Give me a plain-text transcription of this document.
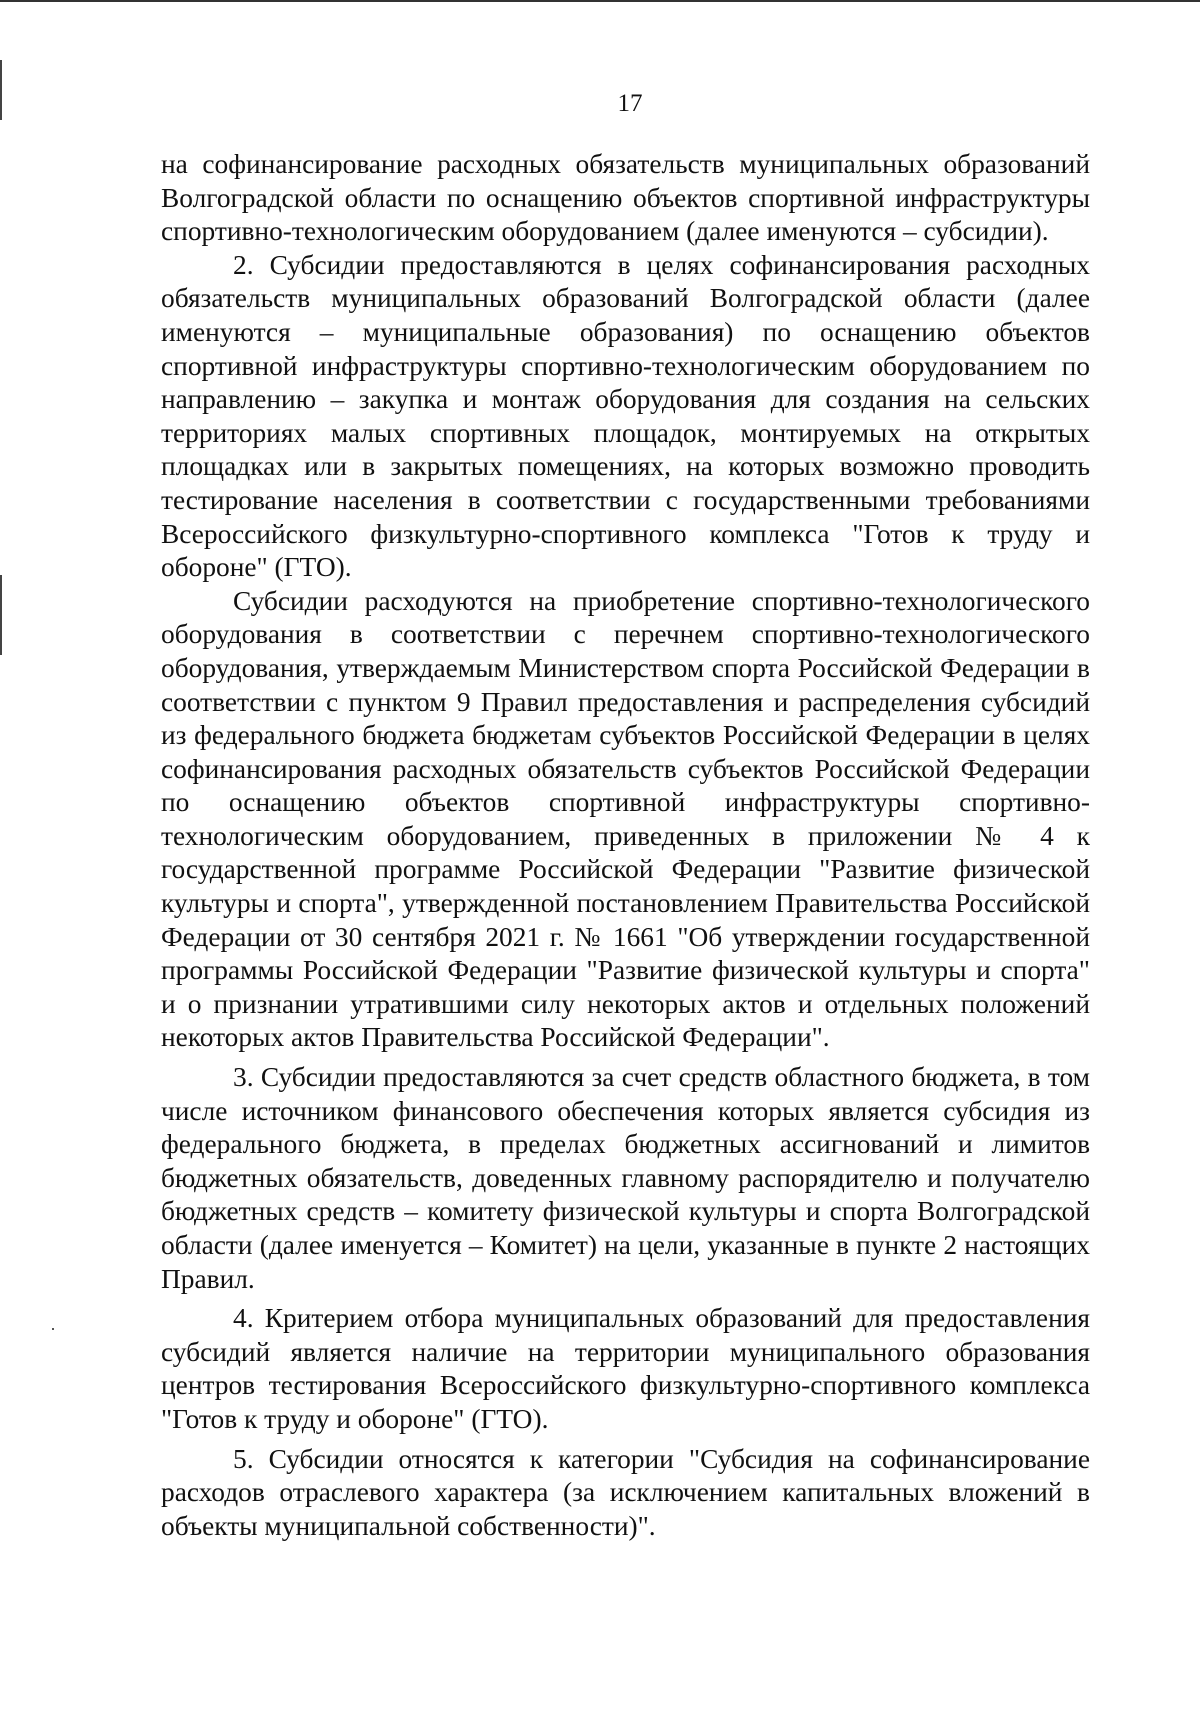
17

на софинансирование расходных обязательств муниципальных образований Волгоградской области по оснащению объектов спортивной инфраструктуры спортивно-технологическим оборудованием (далее именуются – субсидии).

2. Субсидии предоставляются в целях софинансирования расходных обязательств муниципальных образований Волгоградской области (далее именуются – муниципальные образования) по оснащению объектов спортивной инфраструктуры спортивно-технологическим оборудованием по направлению – закупка и монтаж оборудования для создания на сельских территориях малых спортивных площадок, монтируемых на открытых площадках или в закрытых помещениях, на которых возможно проводить тестирование населения в соответствии с государственными требованиями Всероссийского физкультурно-спортивного комплекса "Готов к труду и обороне" (ГТО).

Субсидии расходуются на приобретение спортивно-технологического оборудования в соответствии с перечнем спортивно-технологического оборудования, утверждаемым Министерством спорта Российской Федерации в соответствии с пунктом 9 Правил предоставления и распределения субсидий из федерального бюджета бюджетам субъектов Российской Федерации в целях софинансирования расходных обязательств субъектов Российской Федерации по оснащению объектов спортивной инфраструктуры спортивно-технологическим оборудованием, приведенных в приложении № 4 к государственной программе Российской Федерации "Развитие физической культуры и спорта", утвержденной постановлением Правительства Российской Федерации от 30 сентября 2021 г. № 1661 "Об утверждении государственной программы Российской Федерации "Развитие физической культуры и спорта" и о признании утратившими силу некоторых актов и отдельных положений некоторых актов Правительства Российской Федерации".

3. Субсидии предоставляются за счет средств областного бюджета, в том числе источником финансового обеспечения которых является субсидия из федерального бюджета, в пределах бюджетных ассигнований и лимитов бюджетных обязательств, доведенных главному распорядителю и получателю бюджетных средств – комитету физической культуры и спорта Волгоградской области (далее именуется – Комитет) на цели, указанные в пункте 2 настоящих Правил.

4. Критерием отбора муниципальных образований для предоставления субсидий является наличие на территории муниципального образования центров тестирования Всероссийского физкультурно-спортивного комплекса "Готов к труду и обороне" (ГТО).

5. Субсидии относятся к категории "Субсидия на софинансирование расходов отраслевого характера (за исключением капитальных вложений в объекты муниципальной собственности)".
